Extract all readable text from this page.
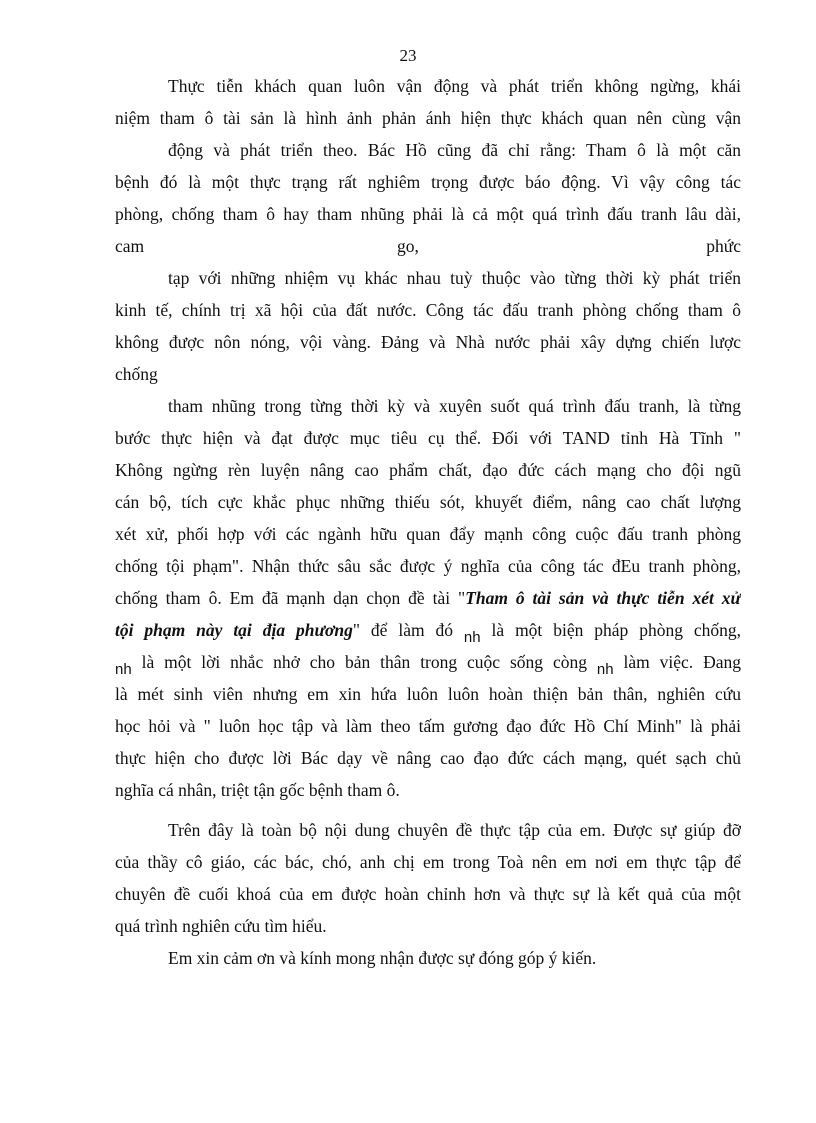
23
Thực tiễn khách quan luôn vận động và phát triển không ngừng, khái
niệm tham ô tài sản là hình ảnh phản ánh hiện thực khách quan nên cùng vận
động và phát triển theo. Bác Hồ cũng đã chỉ rằng: Tham ô là một căn
bệnh đó là một thực trạng rất nghiêm trọng được báo động. Vì vậy công tác
phòng, chống tham ô hay tham nhũng phải là cả một quá trình đấu tranh lâu dài,
cam	go,	phức
tạp với những nhiệm vụ khác nhau tuỳ thuộc vào từng thời kỳ phát triển
kinh tế, chính trị xã hội của đất nước. Công tác đấu tranh phòng chống tham ô
không được nôn nóng, vội vàng. Đảng và Nhà nước phải xây dựng chiến lược
chống
tham nhũng trong từng thời kỳ và xuyên suốt quá trình đấu tranh, là từng
bước thực hiện và đạt được mục tiêu cụ thể. Đối với TAND tỉnh Hà Tĩnh "
Không ngừng rèn luyện nâng cao phẩm chất, đạo đức cách mạng cho đội ngũ
cán bộ, tích cực khắc phục những thiếu sót, khuyết điểm, nâng cao chất lượng
xét xử, phối hợp với các ngành hữu quan đẩy mạnh công cuộc đấu tranh phòng
chống tội phạm". Nhận thức sâu sắc được ý nghĩa của công tác đEu tranh phòng,
chống tham ô. Em đã mạnh dạn chọn đề tài "Tham ô tài sản và thực tiễn xét xử
tội phạm này tại địa phương" để làm đó nh là một biện pháp phòng chống,
nh là một lời nhắc nhở cho bản thân trong cuộc sống còng nh làm việc. Đang
là mét sinh viên nhưng em xin hứa luôn luôn hoàn thiện bản thân, nghiên cứu
học hỏi và " luôn học tập và làm theo tấm gương đạo đức Hồ Chí Minh" là phải
thực hiện cho được lời Bác dạy về nâng cao đạo đức cách mạng, quét sạch chủ
nghĩa cá nhân, triệt tận gốc bệnh tham ô.
Trên đây là toàn bộ nội dung chuyên đề thực tập của em. Được sự giúp đỡ
của thầy cô giáo, các bác, chó, anh chị em trong Toà nên em nơi em thực tập để
chuyên đề cuối khoá của em được hoàn chỉnh hơn và thực sự là kết quả của một
quá trình nghiên cứu tìm hiểu.
Em xin cảm ơn và kính mong nhận được sự đóng góp ý kiến.
